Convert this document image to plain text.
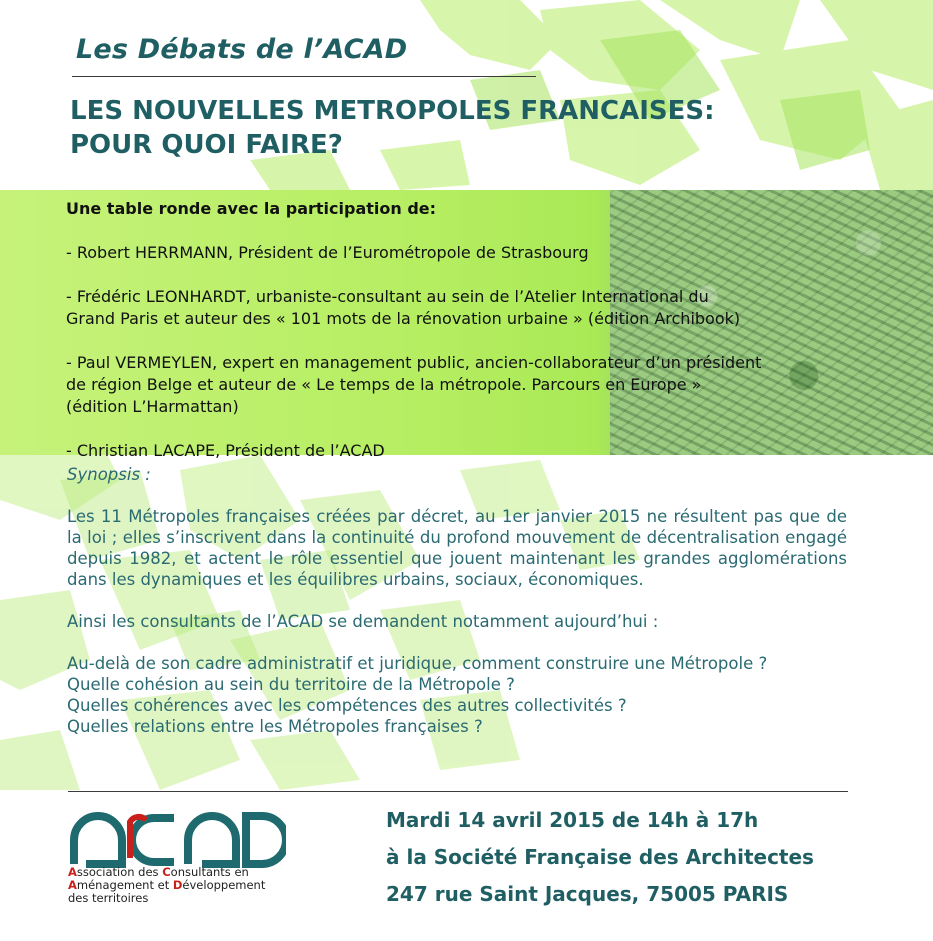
Les Débats de l’ACAD
LES NOUVELLES METROPOLES FRANCAISES:
POUR QUOI FAIRE?

Une table ronde avec la participation de:

- Robert HERRMANN, Président de l’Eurométropole de Strasbourg

- Frédéric LEONHARDT, urbaniste-consultant au sein de l’Atelier International du
Grand Paris et auteur des « 101 mots de la rénovation urbaine » (édition Archibook)

- Paul VERMEYLEN, expert en management public, ancien-collaborateur d’un président
de région Belge et auteur de « Le temps de la métropole. Parcours en Europe »
(édition L’Harmattan)

- Christian LACAPE, Président de l’ACAD

Synopsis :

Les 11 Métropoles françaises créées par décret, au 1er janvier 2015 ne résultent pas que de la loi ; elles s’inscrivent dans la continuité du profond mouvement de décentralisation engagé depuis 1982, et actent le rôle essentiel que jouent maintenant les grandes agglomérations dans les dynamiques et les équilibres urbains, sociaux, économiques.

Ainsi les consultants de l’ACAD se demandent notamment aujourd’hui :

Au-delà de son cadre administratif et juridique, comment construire une Métropole ?

Quelle cohésion au sein du territoire de la Métropole ?

Quelles cohérences avec les compétences des autres collectivités ?

Quelles relations entre les Métropoles françaises ?

Association des Consultants en
Aménagement et Développement
des territoires
Mardi 14 avril 2015 de 14h à 17h
à la Société Française des Architectes
247 rue Saint Jacques, 75005 PARIS
